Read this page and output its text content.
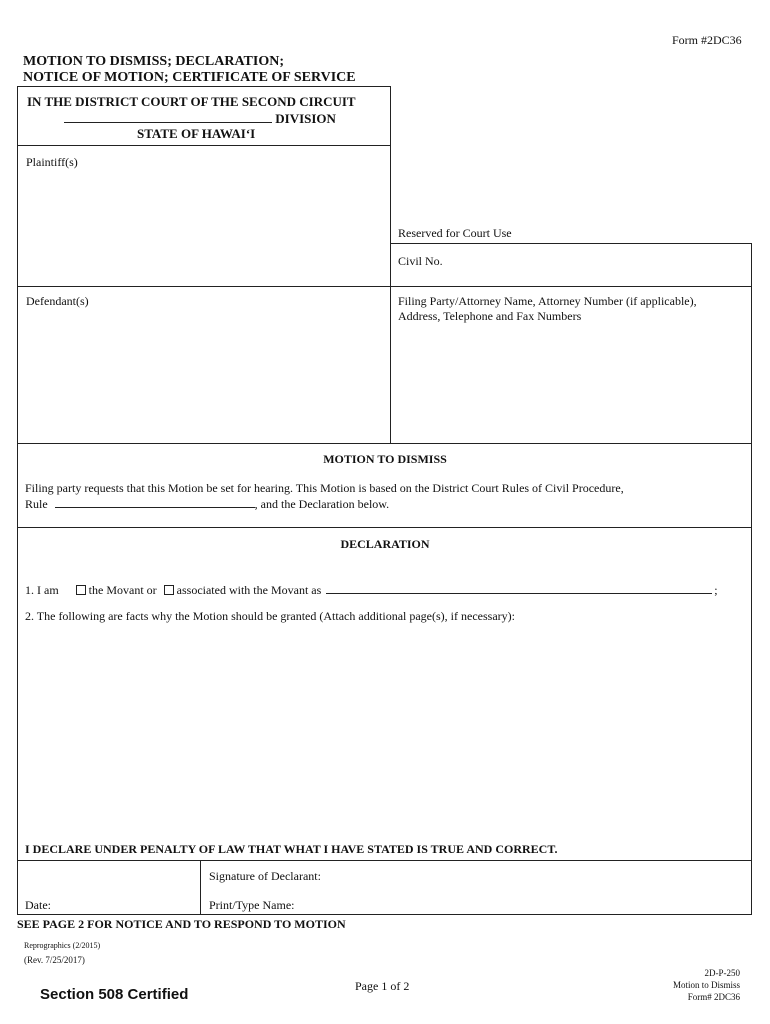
Form #2DC36
MOTION TO DISMISS; DECLARATION;
NOTICE OF MOTION; CERTIFICATE OF SERVICE
IN THE DISTRICT COURT OF THE SECOND CIRCUIT
DIVISION
STATE OF HAWAI‘I
Plaintiff(s)
Defendant(s)
Reserved for Court Use
Civil No.
Filing Party/Attorney Name, Attorney Number (if applicable),
Address, Telephone and Fax Numbers
MOTION TO DISMISS
Filing party requests that this Motion be set for hearing. This Motion is based on the District Court Rules of Civil Procedure,
Rule	, and the Declaration below.
DECLARATION
1. I am	the Movant or associated with the Movant as	;
2. The following are facts why the Motion should be granted (Attach additional page(s), if necessary):
I DECLARE UNDER PENALTY OF LAW THAT WHAT I HAVE STATED IS TRUE AND CORRECT.
Signature of Declarant:
Date:	Print/Type Name:
SEE PAGE 2 FOR NOTICE AND TO RESPOND TO MOTION
Reprographics (2/2015)
(Rev. 7/25/2017)
Page 1 of 2
Section 508 Certified
2D-P-250
Motion to Dismiss
Form# 2DC36
